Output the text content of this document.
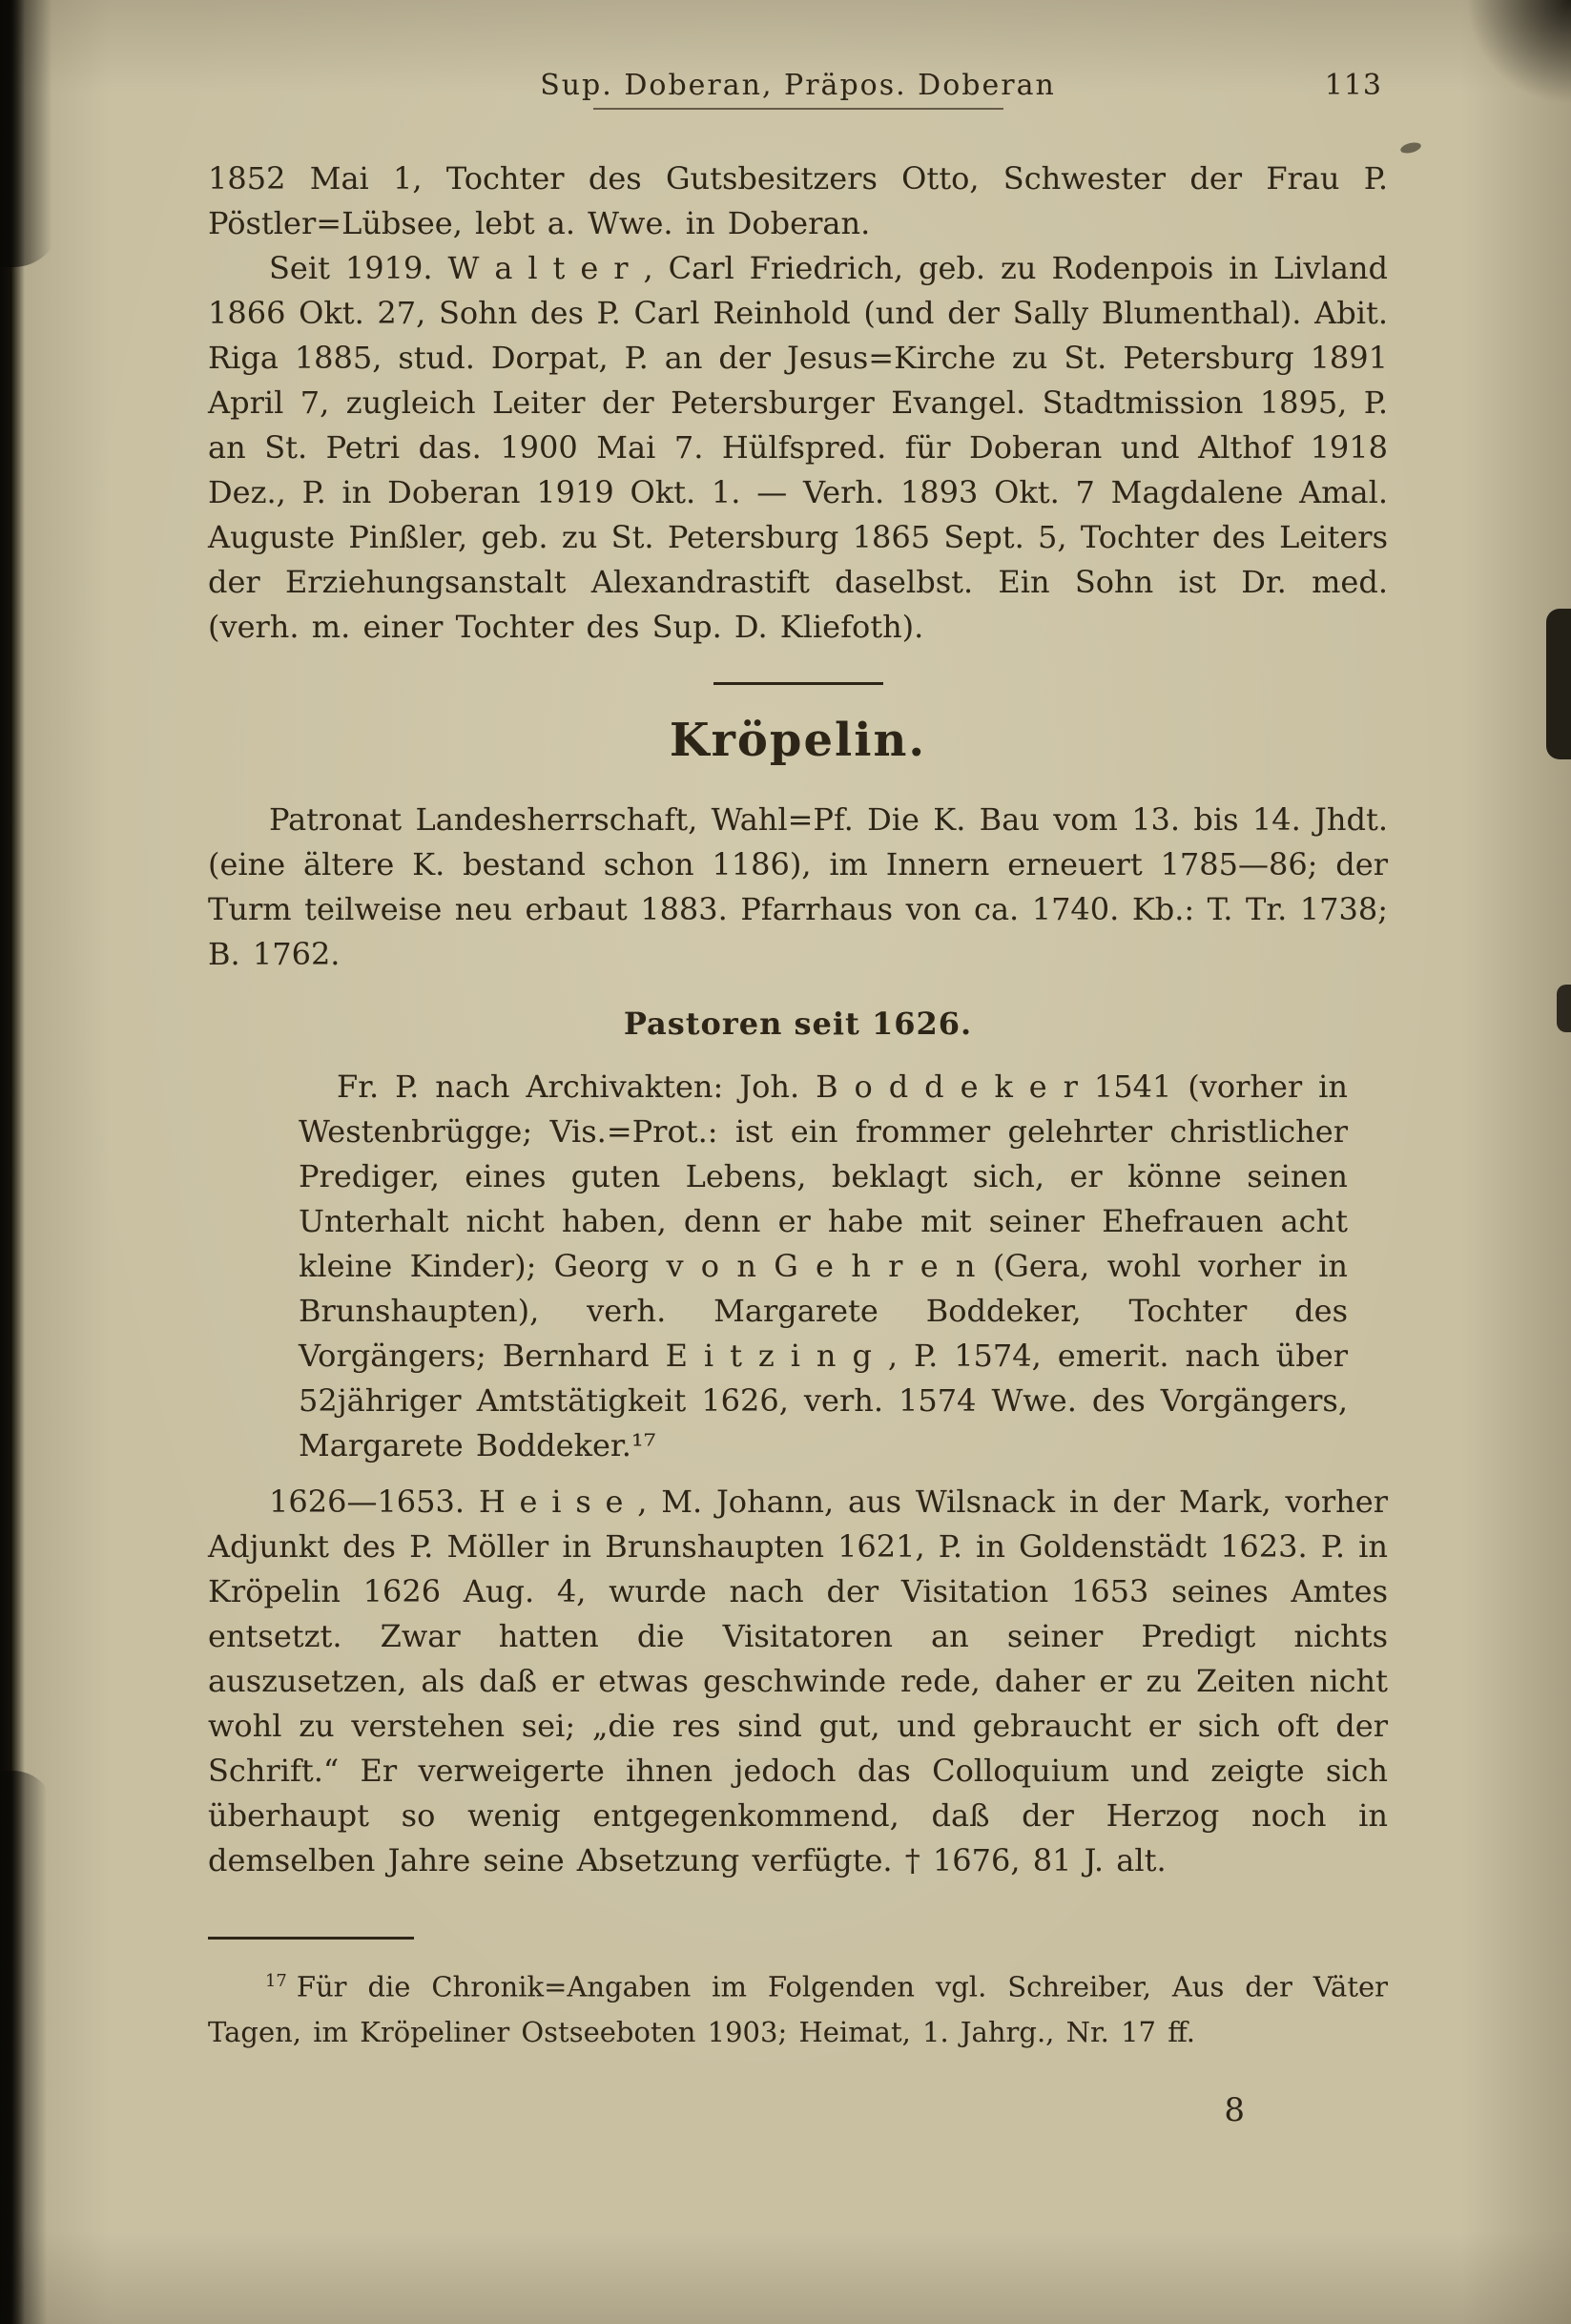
Sup. Doberan, Präpos. Doberan	113

1852 Mai 1, Tochter des Gutsbesitzers Otto, Schwester der Frau P. Pöstler=Lübsee, lebt a. Wwe. in Doberan.

Seit 1919. W a l t e r , Carl Friedrich, geb. zu Rodenpois in Livland 1866 Okt. 27, Sohn des P. Carl Reinhold (und der Sally Blumenthal). Abit. Riga 1885, stud. Dorpat, P. an der Jesus=Kirche zu St. Petersburg 1891 April 7, zugleich Leiter der Petersburger Evangel. Stadtmission 1895, P. an St. Petri das. 1900 Mai 7. Hülfspred. für Doberan und Althof 1918 Dez., P. in Doberan 1919 Okt. 1. — Verh. 1893 Okt. 7 Magdalene Amal. Auguste Pinßler, geb. zu St. Petersburg 1865 Sept. 5, Tochter des Leiters der Erziehungsanstalt Alexandrastift daselbst. Ein Sohn ist Dr. med. (verh. m. einer Tochter des Sup. D. Kliefoth).

Kröpelin.

Patronat Landesherrschaft, Wahl=Pf. Die K. Bau vom 13. bis 14. Jhdt. (eine ältere K. bestand schon 1186), im Innern erneuert 1785—86; der Turm teilweise neu erbaut 1883. Pfarrhaus von ca. 1740. Kb.: T. Tr. 1738; B. 1762.

Pastoren seit 1626.

Fr. P. nach Archivakten: Joh. B o d d e k e r 1541 (vorher in Westenbrügge; Vis.=Prot.: ist ein frommer gelehrter christlicher Prediger, eines guten Lebens, beklagt sich, er könne seinen Unterhalt nicht haben, denn er habe mit seiner Ehefrauen acht kleine Kinder); Georg v o n G e h r e n (Gera, wohl vorher in Brunshaupten), verh. Margarete Boddeker, Tochter des Vorgängers; Bernhard E i t z i n g , P. 1574, emerit. nach über 52jähriger Amtstätigkeit 1626, verh. 1574 Wwe. des Vorgängers, Margarete Boddeker.¹⁷

1626—1653. H e i s e , M. Johann, aus Wilsnack in der Mark, vorher Adjunkt des P. Möller in Brunshaupten 1621, P. in Goldenstädt 1623. P. in Kröpelin 1626 Aug. 4, wurde nach der Visitation 1653 seines Amtes entsetzt. Zwar hatten die Visitatoren an seiner Predigt nichts auszusetzen, als daß er etwas geschwinde rede, daher er zu Zeiten nicht wohl zu verstehen sei; „die res sind gut, und gebraucht er sich oft der Schrift.“ Er verweigerte ihnen jedoch das Colloquium und zeigte sich überhaupt so wenig entgegenkommend, daß der Herzog noch in demselben Jahre seine Absetzung verfügte. † 1676, 81 J. alt.

$^{17}$ Für die Chronik=Angaben im Folgenden vgl. Schreiber, Aus der Väter Tagen, im Kröpeliner Ostseeboten 1903; Heimat, 1. Jahrg., Nr. 17 ff.

8
